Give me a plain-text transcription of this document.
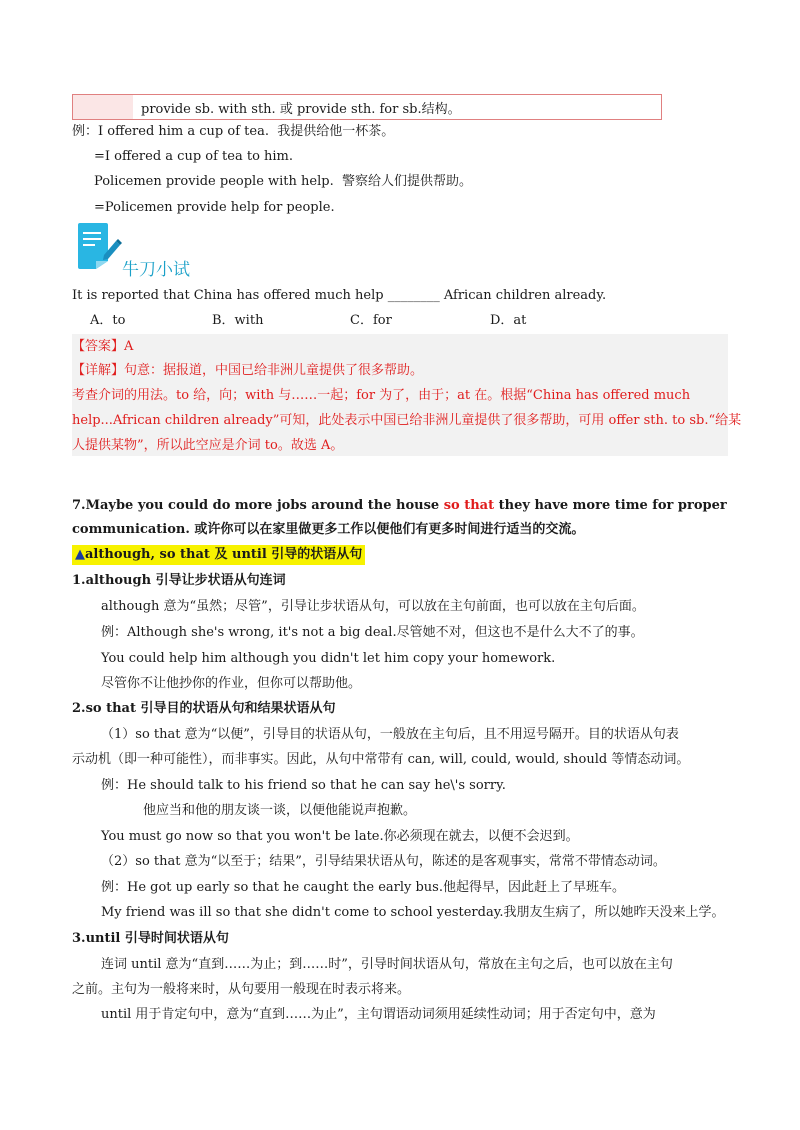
provide sb. with sth. 或 provide sth. for sb.结构。
例：I offered him a cup of tea. 我提供给他一杯茶。
=I offered a cup of tea to him.
Policemen provide people with help. 警察给人们提供帮助。
=Policemen provide help for people.
牛刀小试
It is reported that China has offered much help ________ African children already.
A．to	B．with	C．for	D．at
【答案】A
【详解】句意：据报道，中国已给非洲儿童提供了很多帮助。
考查介词的用法。to 给，向；with 与……一起；for 为了，由于；at 在。根据“China has offered much
help...African children already”可知，此处表示中国已给非洲儿童提供了很多帮助，可用 offer sth. to sb.“给某
人提供某物”，所以此空应是介词 to。故选 A。
7.Maybe you could do more jobs around the house so that they have more time for proper
communication. 或许你可以在家里做更多工作以便他们有更多时间进行适当的交流。
▲although, so that 及 until 引导的状语从句
1.although 引导让步状语从句连词
although 意为“虽然；尽管”，引导让步状语从句，可以放在主句前面，也可以放在主句后面。
例：Although she's wrong, it's not a big deal.尽管她不对，但这也不是什么大不了的事。
You could help him although you didn't let him copy your homework.
尽管你不让他抄你的作业，但你可以帮助他。
2.so that 引导目的状语从句和结果状语从句
（1）so that 意为“以便”，引导目的状语从句，一般放在主句后，且不用逗号隔开。目的状语从句表
示动机（即一种可能性），而非事实。因此，从句中常带有 can, will, could, would, should 等情态动词。
例：He should talk to his friend so that he can say he\'s sorry.
他应当和他的朋友谈一谈，以便他能说声抱歉。
You must go now so that you won't be late.你必须现在就去，以便不会迟到。
（2）so that 意为“以至于；结果”，引导结果状语从句，陈述的是客观事实，常常不带情态动词。
例：He got up early so that he caught the early bus.他起得早，因此赶上了早班车。
My friend was ill so that she didn't come to school yesterday.我朋友生病了，所以她昨天没来上学。
3.until 引导时间状语从句
连词 until 意为“直到……为止；到……时”，引导时间状语从句，常放在主句之后，也可以放在主句
之前。主句为一般将来时，从句要用一般现在时表示将来。
until 用于肯定句中，意为“直到……为止”，主句谓语动词须用延续性动词；用于否定句中，意为
